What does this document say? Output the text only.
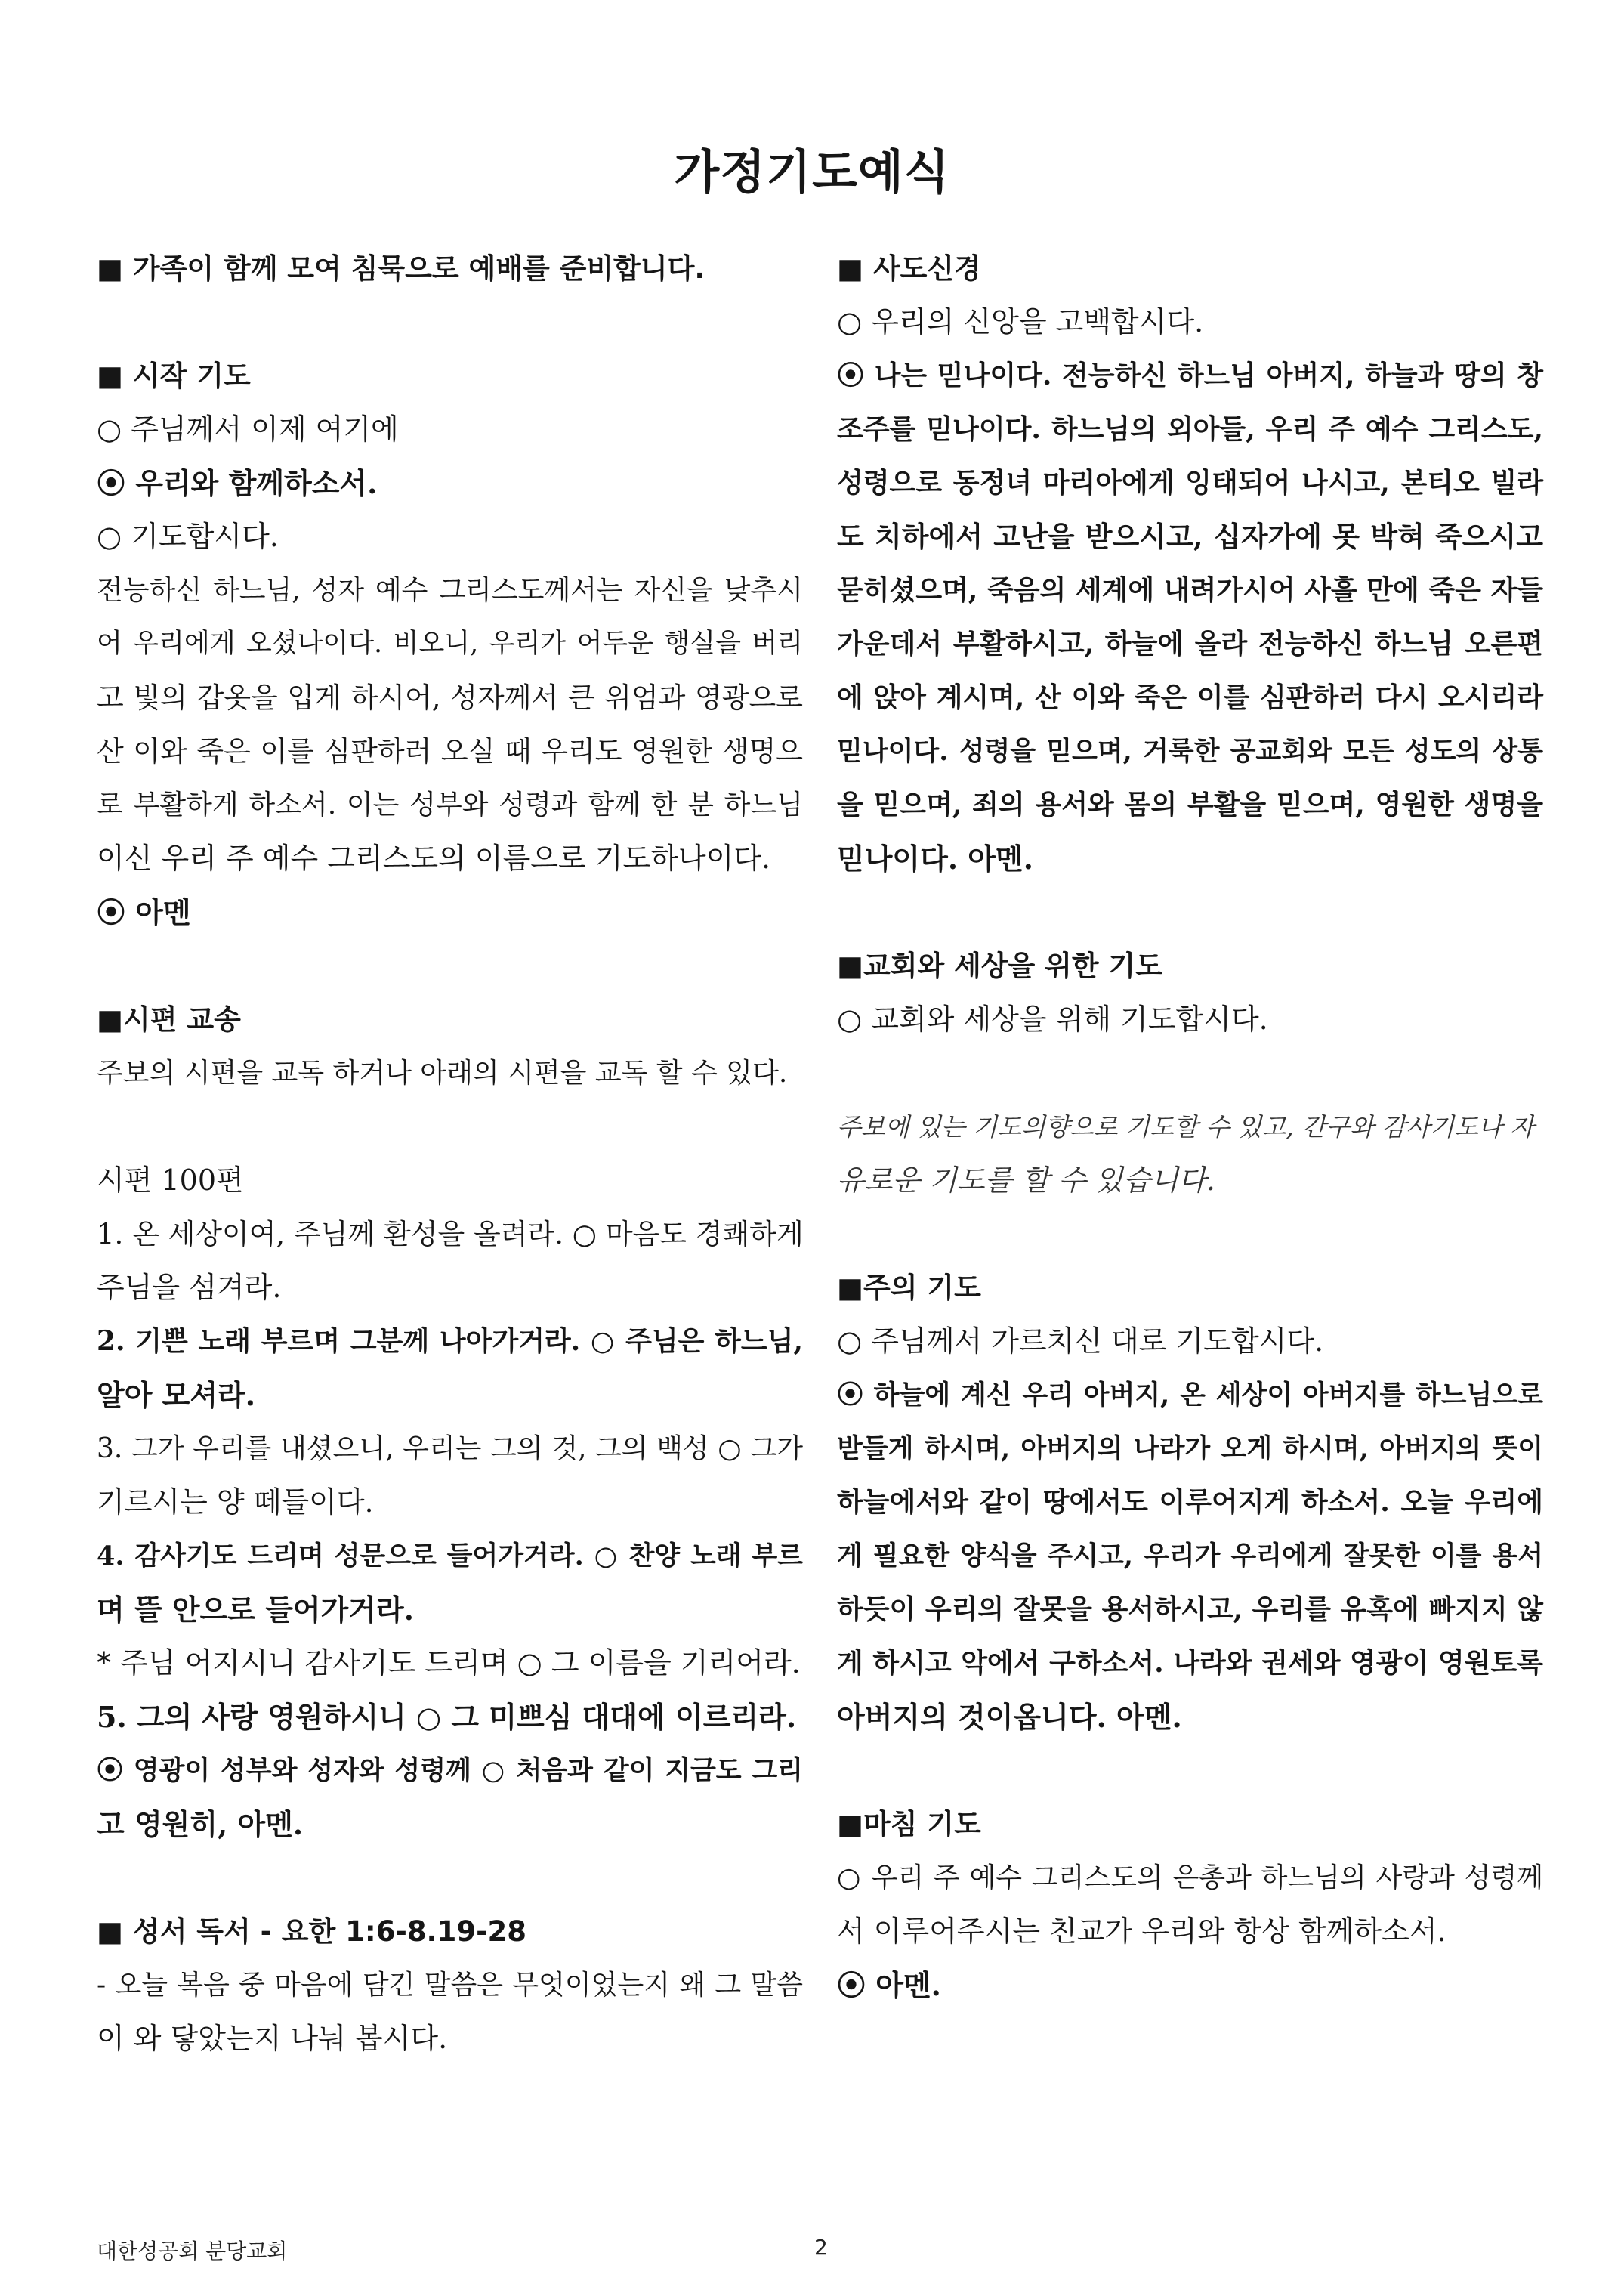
가정기도예식
■ 가족이 함께 모여 침묵으로 예배를 준비합니다.
■ 시작 기도
○ 주님께서 이제 여기에
⦿ 우리와 함께하소서.
○ 기도합시다.
전능하신 하느님, 성자 예수 그리스도께서는 자신을 낮추시
어 우리에게 오셨나이다. 비오니, 우리가 어두운 행실을 버리
고 빛의 갑옷을 입게 하시어, 성자께서 큰 위엄과 영광으로
산 이와 죽은 이를 심판하러 오실 때 우리도 영원한 생명으
로 부활하게 하소서. 이는 성부와 성령과 함께 한 분 하느님
이신 우리 주 예수 그리스도의 이름으로 기도하나이다.
⦿ 아멘
■시편 교송
주보의 시편을 교독 하거나 아래의 시편을 교독 할 수 있다.
시편 100편
1. 온 세상이여, 주님께 환성을 올려라. ○ 마음도 경쾌하게
주님을 섬겨라.
2. 기쁜 노래 부르며 그분께 나아가거라. ○ 주님은 하느님,
알아 모셔라.
3. 그가 우리를 내셨으니, 우리는 그의 것, 그의 백성 ○ 그가
기르시는 양 떼들이다.
4. 감사기도 드리며 성문으로 들어가거라. ○ 찬양 노래 부르
며 뜰 안으로 들어가거라.
* 주님 어지시니 감사기도 드리며 ○ 그 이름을 기리어라.
5. 그의 사랑 영원하시니 ○ 그 미쁘심 대대에 이르리라.
⦿ 영광이 성부와 성자와 성령께 ○ 처음과 같이 지금도 그리
고 영원히, 아멘.
■ 성서 독서 - 요한 1:6-8.19-28
- 오늘 복음 중 마음에 담긴 말씀은 무엇이었는지 왜 그 말씀
이 와 닿았는지 나눠 봅시다.
■ 사도신경
○ 우리의 신앙을 고백합시다.
⦿ 나는 믿나이다. 전능하신 하느님 아버지, 하늘과 땅의 창
조주를 믿나이다. 하느님의 외아들, 우리 주 예수 그리스도,
성령으로 동정녀 마리아에게 잉태되어 나시고, 본티오 빌라
도 치하에서 고난을 받으시고, 십자가에 못 박혀 죽으시고
묻히셨으며, 죽음의 세계에 내려가시어 사흘 만에 죽은 자들
가운데서 부활하시고, 하늘에 올라 전능하신 하느님 오른편
에 앉아 계시며, 산 이와 죽은 이를 심판하러 다시 오시리라
믿나이다. 성령을 믿으며, 거룩한 공교회와 모든 성도의 상통
을 믿으며, 죄의 용서와 몸의 부활을 믿으며, 영원한 생명을
믿나이다. 아멘.
■교회와 세상을 위한 기도
○ 교회와 세상을 위해 기도합시다.
주보에 있는 기도의향으로 기도할 수 있고, 간구와 감사기도나 자
유로운 기도를 할 수 있습니다.
■주의 기도
○ 주님께서 가르치신 대로 기도합시다.
⦿ 하늘에 계신 우리 아버지, 온 세상이 아버지를 하느님으로
받들게 하시며, 아버지의 나라가 오게 하시며, 아버지의 뜻이
하늘에서와 같이 땅에서도 이루어지게 하소서. 오늘 우리에
게 필요한 양식을 주시고, 우리가 우리에게 잘못한 이를 용서
하듯이 우리의 잘못을 용서하시고, 우리를 유혹에 빠지지 않
게 하시고 악에서 구하소서. 나라와 권세와 영광이 영원토록
아버지의 것이옵니다. 아멘.
■마침 기도
○ 우리 주 예수 그리스도의 은총과 하느님의 사랑과 성령께
서 이루어주시는 친교가 우리와 항상 함께하소서.
⦿ 아멘.
대한성공회 분당교회	2
